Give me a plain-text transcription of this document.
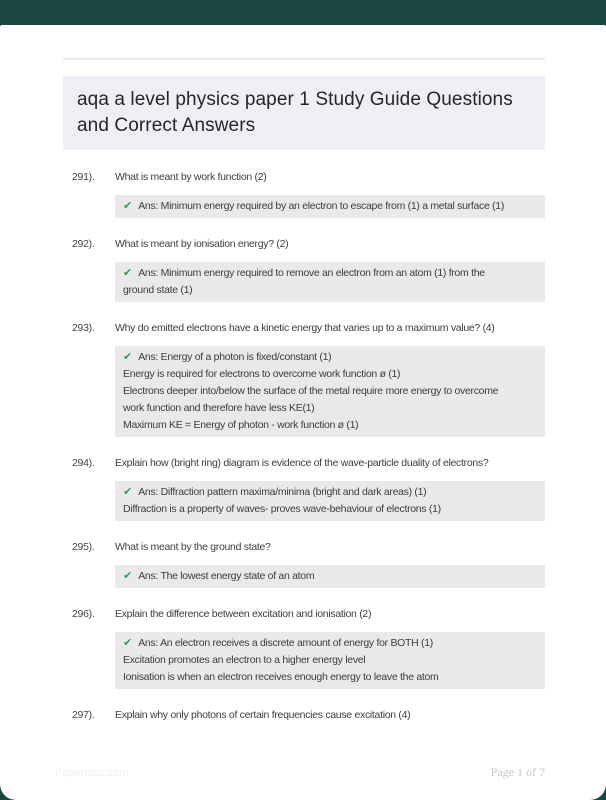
aqa a level physics paper 1 Study Guide Questions and Correct Answers
291).	What is meant by work function (2)
✔ Ans: Minimum energy required by an electron to escape from (1) a metal surface (1)
292).	What is meant by ionisation energy? (2)
✔ Ans: Minimum energy required to remove an electron from an atom (1) from the
ground state (1)
293).	Why do emitted electrons have a kinetic energy that varies up to a maximum value? (4)
✔ Ans: Energy of a photon is fixed/constant (1)
Energy is required for electrons to overcome work function ø (1)
Electrons deeper into/below the surface of the metal require more energy to overcome
work function and therefore have less KE(1)
Maximum KE = Energy of photon - work function ø (1)
294).	Explain how (bright ring) diagram is evidence of the wave-particle duality of electrons?
✔ Ans: Diffraction pattern maxima/minima (bright and dark areas) (1)
Diffraction is a property of waves- proves wave-behaviour of electrons (1)
295).	What is meant by the ground state?
✔ Ans: The lowest energy state of an atom
296).	Explain the difference between excitation and ionisation (2)
✔ Ans: An electron receives a discrete amount of energy for BOTH (1)
Excitation promotes an electron to a higher energy level
Ionisation is when an electron receives enough energy to leave the atom
297).	Explain why only photons of certain frequencies cause excitation (4)
Paperstoc.com	Page 1 of 7
